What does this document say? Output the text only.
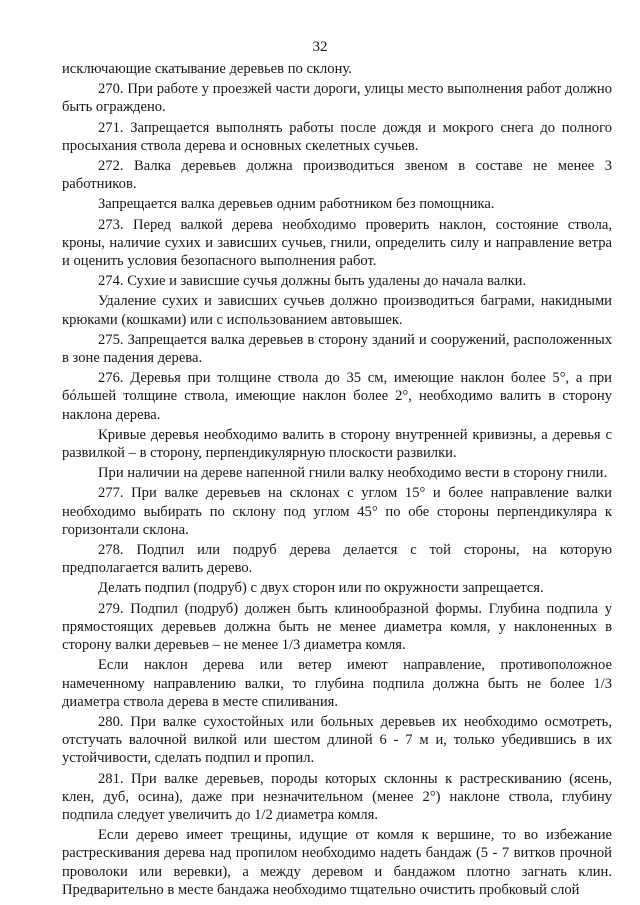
32

исключающие скатывание деревьев по склону.

270. При работе у проезжей части дороги, улицы место выполнения работ должно быть ограждено.

271. Запрещается выполнять работы после дождя и мокрого снега до полного просыхания ствола дерева и основных скелетных сучьев.

272. Валка деревьев должна производиться звеном в составе не менее 3 работников.

Запрещается валка деревьев одним работником без помощника.

273. Перед валкой дерева необходимо проверить наклон, состояние ствола, кроны, наличие сухих и зависших сучьев, гнили, определить силу и направление ветра и оценить условия безопасного выполнения работ.

274. Сухие и зависшие сучья должны быть удалены до начала валки.

Удаление сухих и зависших сучьев должно производиться баграми, накидными крюками (кошками) или с использованием автовышек.

275. Запрещается валка деревьев в сторону зданий и сооружений, расположенных в зоне падения дерева.

276. Деревья при толщине ствола до 35 см, имеющие наклон более 5°, а при бóльшей толщине ствола, имеющие наклон более 2°, необходимо валить в сторону наклона дерева.

Кривые деревья необходимо валить в сторону внутренней кривизны, а деревья с развилкой – в сторону, перпендикулярную плоскости развилки.

При наличии на дереве напенной гнили валку необходимо вести в сторону гнили.

277. При валке деревьев на склонах с углом 15° и более направление валки необходимо выбирать по склону под углом 45° по обе стороны перпендикуляра к горизонтали склона.

278. Подпил или подруб дерева делается с той стороны, на которую предполагается валить дерево.

Делать подпил (подруб) с двух сторон или по окружности запрещается.

279. Подпил (подруб) должен быть клинообразной формы. Глубина подпила у прямостоящих деревьев должна быть не менее диаметра комля, у наклоненных в сторону валки деревьев – не менее 1/3 диаметра комля.

Если наклон дерева или ветер имеют направление, противоположное намеченному направлению валки, то глубина подпила должна быть не более 1/3 диаметра ствола дерева в месте спиливания.

280. При валке сухостойных или больных деревьев их необходимо осмотреть, отстучать валочной вилкой или шестом длиной 6 - 7 м и, только убедившись в их устойчивости, сделать подпил и пропил.

281. При валке деревьев, породы которых склонны к растрескиванию (ясень, клен, дуб, осина), даже при незначительном (менее 2°) наклоне ствола, глубину подпила следует увеличить до 1/2 диаметра комля.

Если дерево имеет трещины, идущие от комля к вершине, то во избежание растрескивания дерева над пропилом необходимо надеть бандаж (5 - 7 витков прочной проволоки или веревки), а между деревом и бандажом плотно загнать клин. Предварительно в месте бандажа необходимо тщательно очистить пробковый слой
